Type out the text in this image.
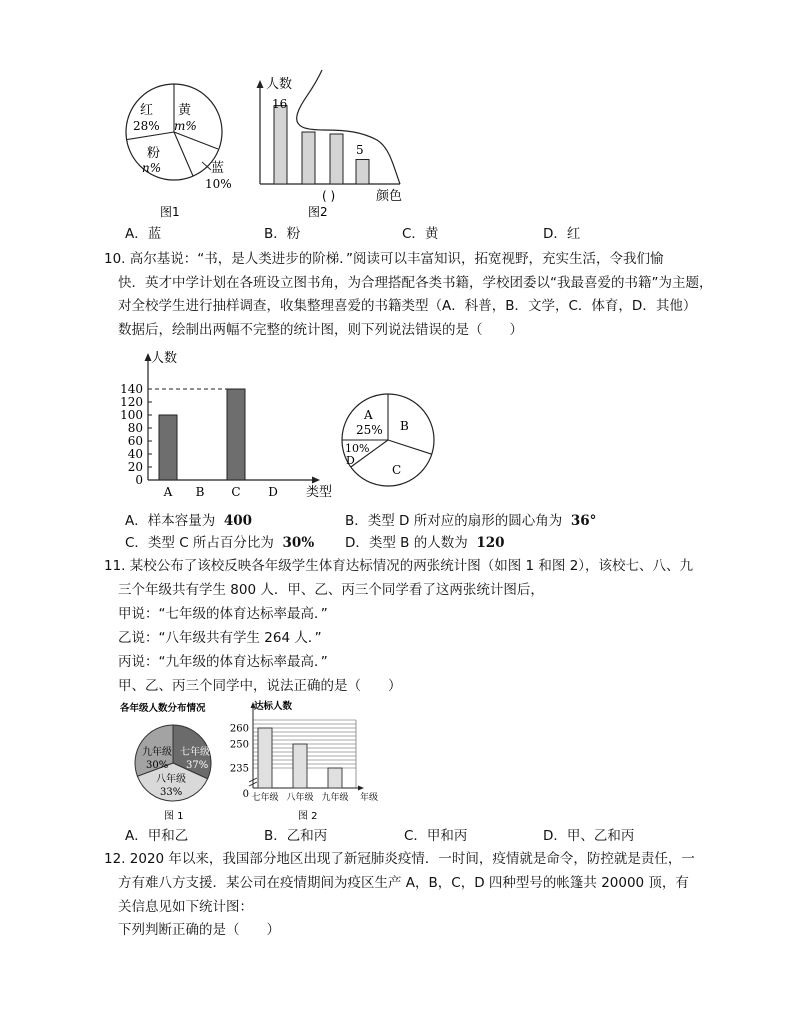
红
28%
黄
m%
粉
n%	蓝
10%
图1
人数
16
5
( )	颜色
图2
A．蓝	B．粉	C．黄	D．红
10. 高尔基说：“书，是人类进步的阶梯．”阅读可以丰富知识，拓宽视野，充实生活，令我们愉
快．英才中学计划在各班设立图书角，为合理搭配各类书籍，学校团委以“我最喜爱的书籍”为主题，
对全校学生进行抽样调查，收集整理喜爱的书籍类型（A．科普，B．文学，C．体育，D．其他）
数据后，绘制出两幅不完整的统计图，则下列说法错误的是（　　）
人数
0
20
40
60
80
100
120
140
A B C D 类型
A
25% B
C
10%
D
A．样本容量为 400	B．类型 D 所对应的扇形的圆心角为 36°
C．类型 C 所占百分比为 30% D．类型 B 的人数为 120
11. 某校公布了该校反映各年级学生体育达标情况的两张统计图（如图 1 和图 2），该校七、八、九
三个年级共有学生 800 人．甲、乙、丙三个同学看了这两张统计图后，
甲说：“七年级的体育达标率最高．”
乙说：“八年级共有学生 264 人．”
丙说：“九年级的体育达标率最高．”
甲、乙、丙三个同学中，说法正确的是（　　）
各年级人数分布情况
七年级
37%
九年级
30%
八年级
33%
图 1
达标人数
0
235
250
260
七年级 八年级 九年级 年级
图 2
A．甲和乙	B．乙和丙	C．甲和丙	D．甲、乙和丙
12. 2020 年以来，我国部分地区出现了新冠肺炎疫情．一时间，疫情就是命令，防控就是责任，一
方有难八方支援．某公司在疫情期间为疫区生产 A，B，C，D 四种型号的帐篷共 20000 顶，有
关信息见如下统计图：
下列判断正确的是（　　）
